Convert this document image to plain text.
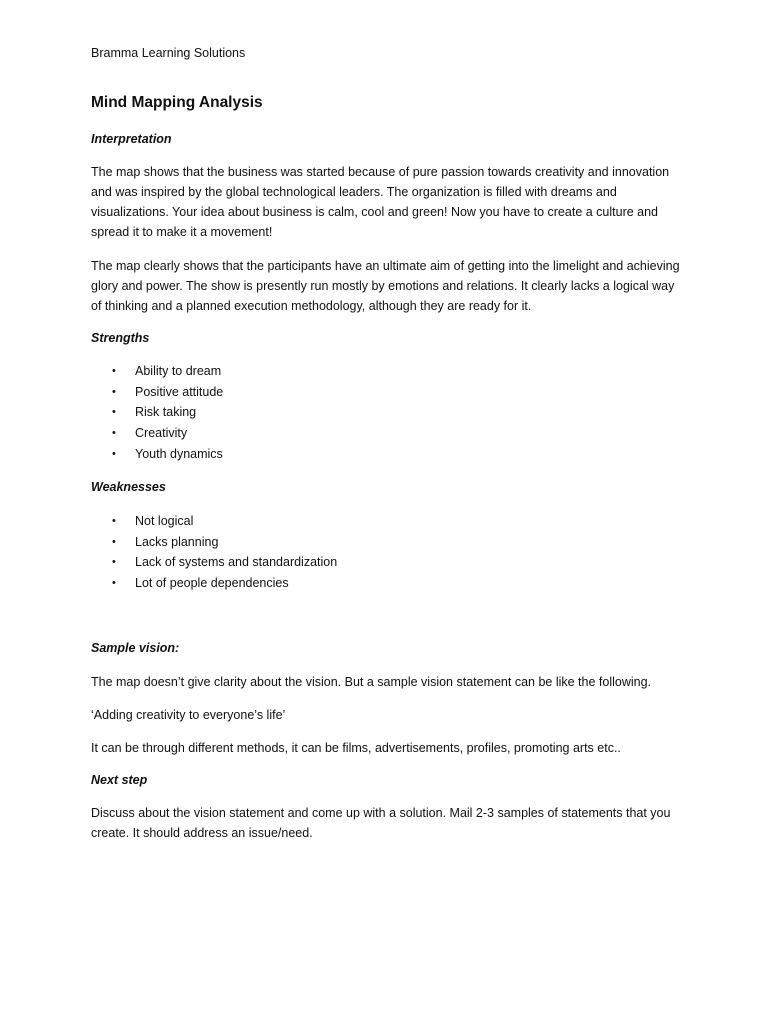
Bramma Learning Solutions

Mind Mapping Analysis
Interpretation

The map shows that the business was started because of pure passion towards creativity and innovation and was inspired by the global technological leaders. The organization is filled with dreams and visualizations. Your idea about business is calm, cool and green! Now you have to create a culture and spread it to make it a movement!

The map clearly shows that the participants have an ultimate aim of getting into the limelight and achieving glory and power. The show is presently run mostly by emotions and relations. It clearly lacks a logical way of thinking and a planned execution methodology, although they are ready for it.

Strengths
• Ability to dream
• Positive attitude
• Risk taking
• Creativity
• Youth dynamics
Weaknesses
• Not logical
• Lacks planning
• Lack of systems and standardization
• Lot of people dependencies
Sample vision:

The map doesn’t give clarity about the vision. But a sample vision statement can be like the following.

‘Adding creativity to everyone’s life’

It can be through different methods, it can be films, advertisements, profiles, promoting arts etc..

Next step

Discuss about the vision statement and come up with a solution. Mail 2-3 samples of statements that you create. It should address an issue/need.
